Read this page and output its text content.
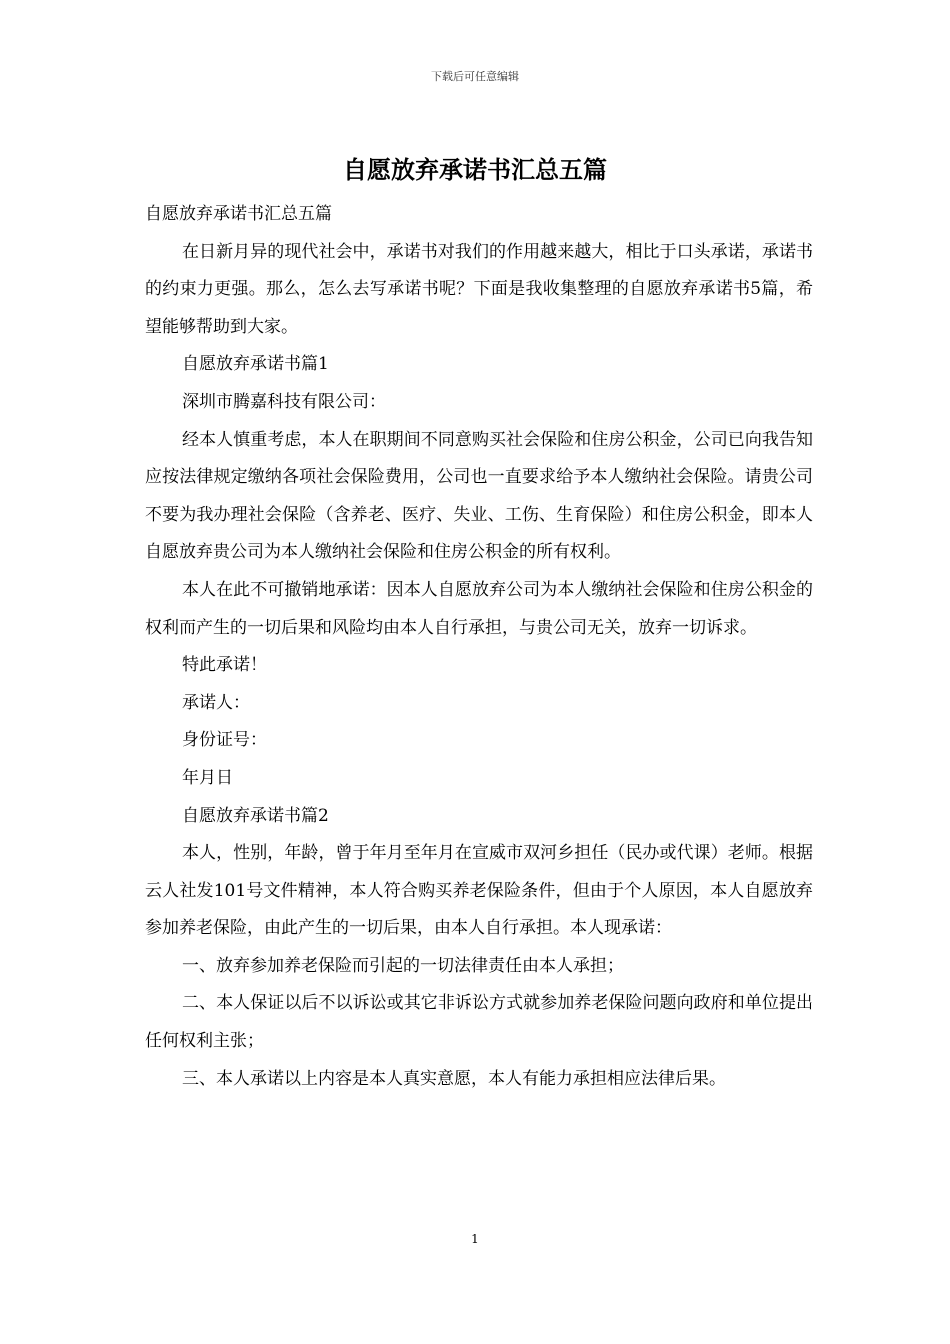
下载后可任意编辑
自愿放弃承诺书汇总五篇

自愿放弃承诺书汇总五篇

在日新月异的现代社会中，承诺书对我们的作用越来越大，相比于口头承诺，承诺书的约束力更强。那么，怎么去写承诺书呢？下面是我收集整理的自愿放弃承诺书5篇，希望能够帮助到大家。

自愿放弃承诺书篇1

深圳市腾嘉科技有限公司：

经本人慎重考虑，本人在职期间不同意购买社会保险和住房公积金，公司已向我告知应按法律规定缴纳各项社会保险费用，公司也一直要求给予本人缴纳社会保险。请贵公司不要为我办理社会保险（含养老、医疗、失业、工伤、生育保险）和住房公积金，即本人自愿放弃贵公司为本人缴纳社会保险和住房公积金的所有权利。

本人在此不可撤销地承诺：因本人自愿放弃公司为本人缴纳社会保险和住房公积金的权利而产生的一切后果和风险均由本人自行承担，与贵公司无关，放弃一切诉求。

特此承诺！

承诺人：

身份证号：

年月日

自愿放弃承诺书篇2

本人，性别，年龄，曾于年月至年月在宣威市双河乡担任（民办或代课）老师。根据云人社发101号文件精神，本人符合购买养老保险条件，但由于个人原因，本人自愿放弃参加养老保险，由此产生的一切后果，由本人自行承担。本人现承诺：

一、放弃参加养老保险而引起的一切法律责任由本人承担；

二、本人保证以后不以诉讼或其它非诉讼方式就参加养老保险问题向政府和单位提出任何权利主张；

三、本人承诺以上内容是本人真实意愿，本人有能力承担相应法律后果。

1
